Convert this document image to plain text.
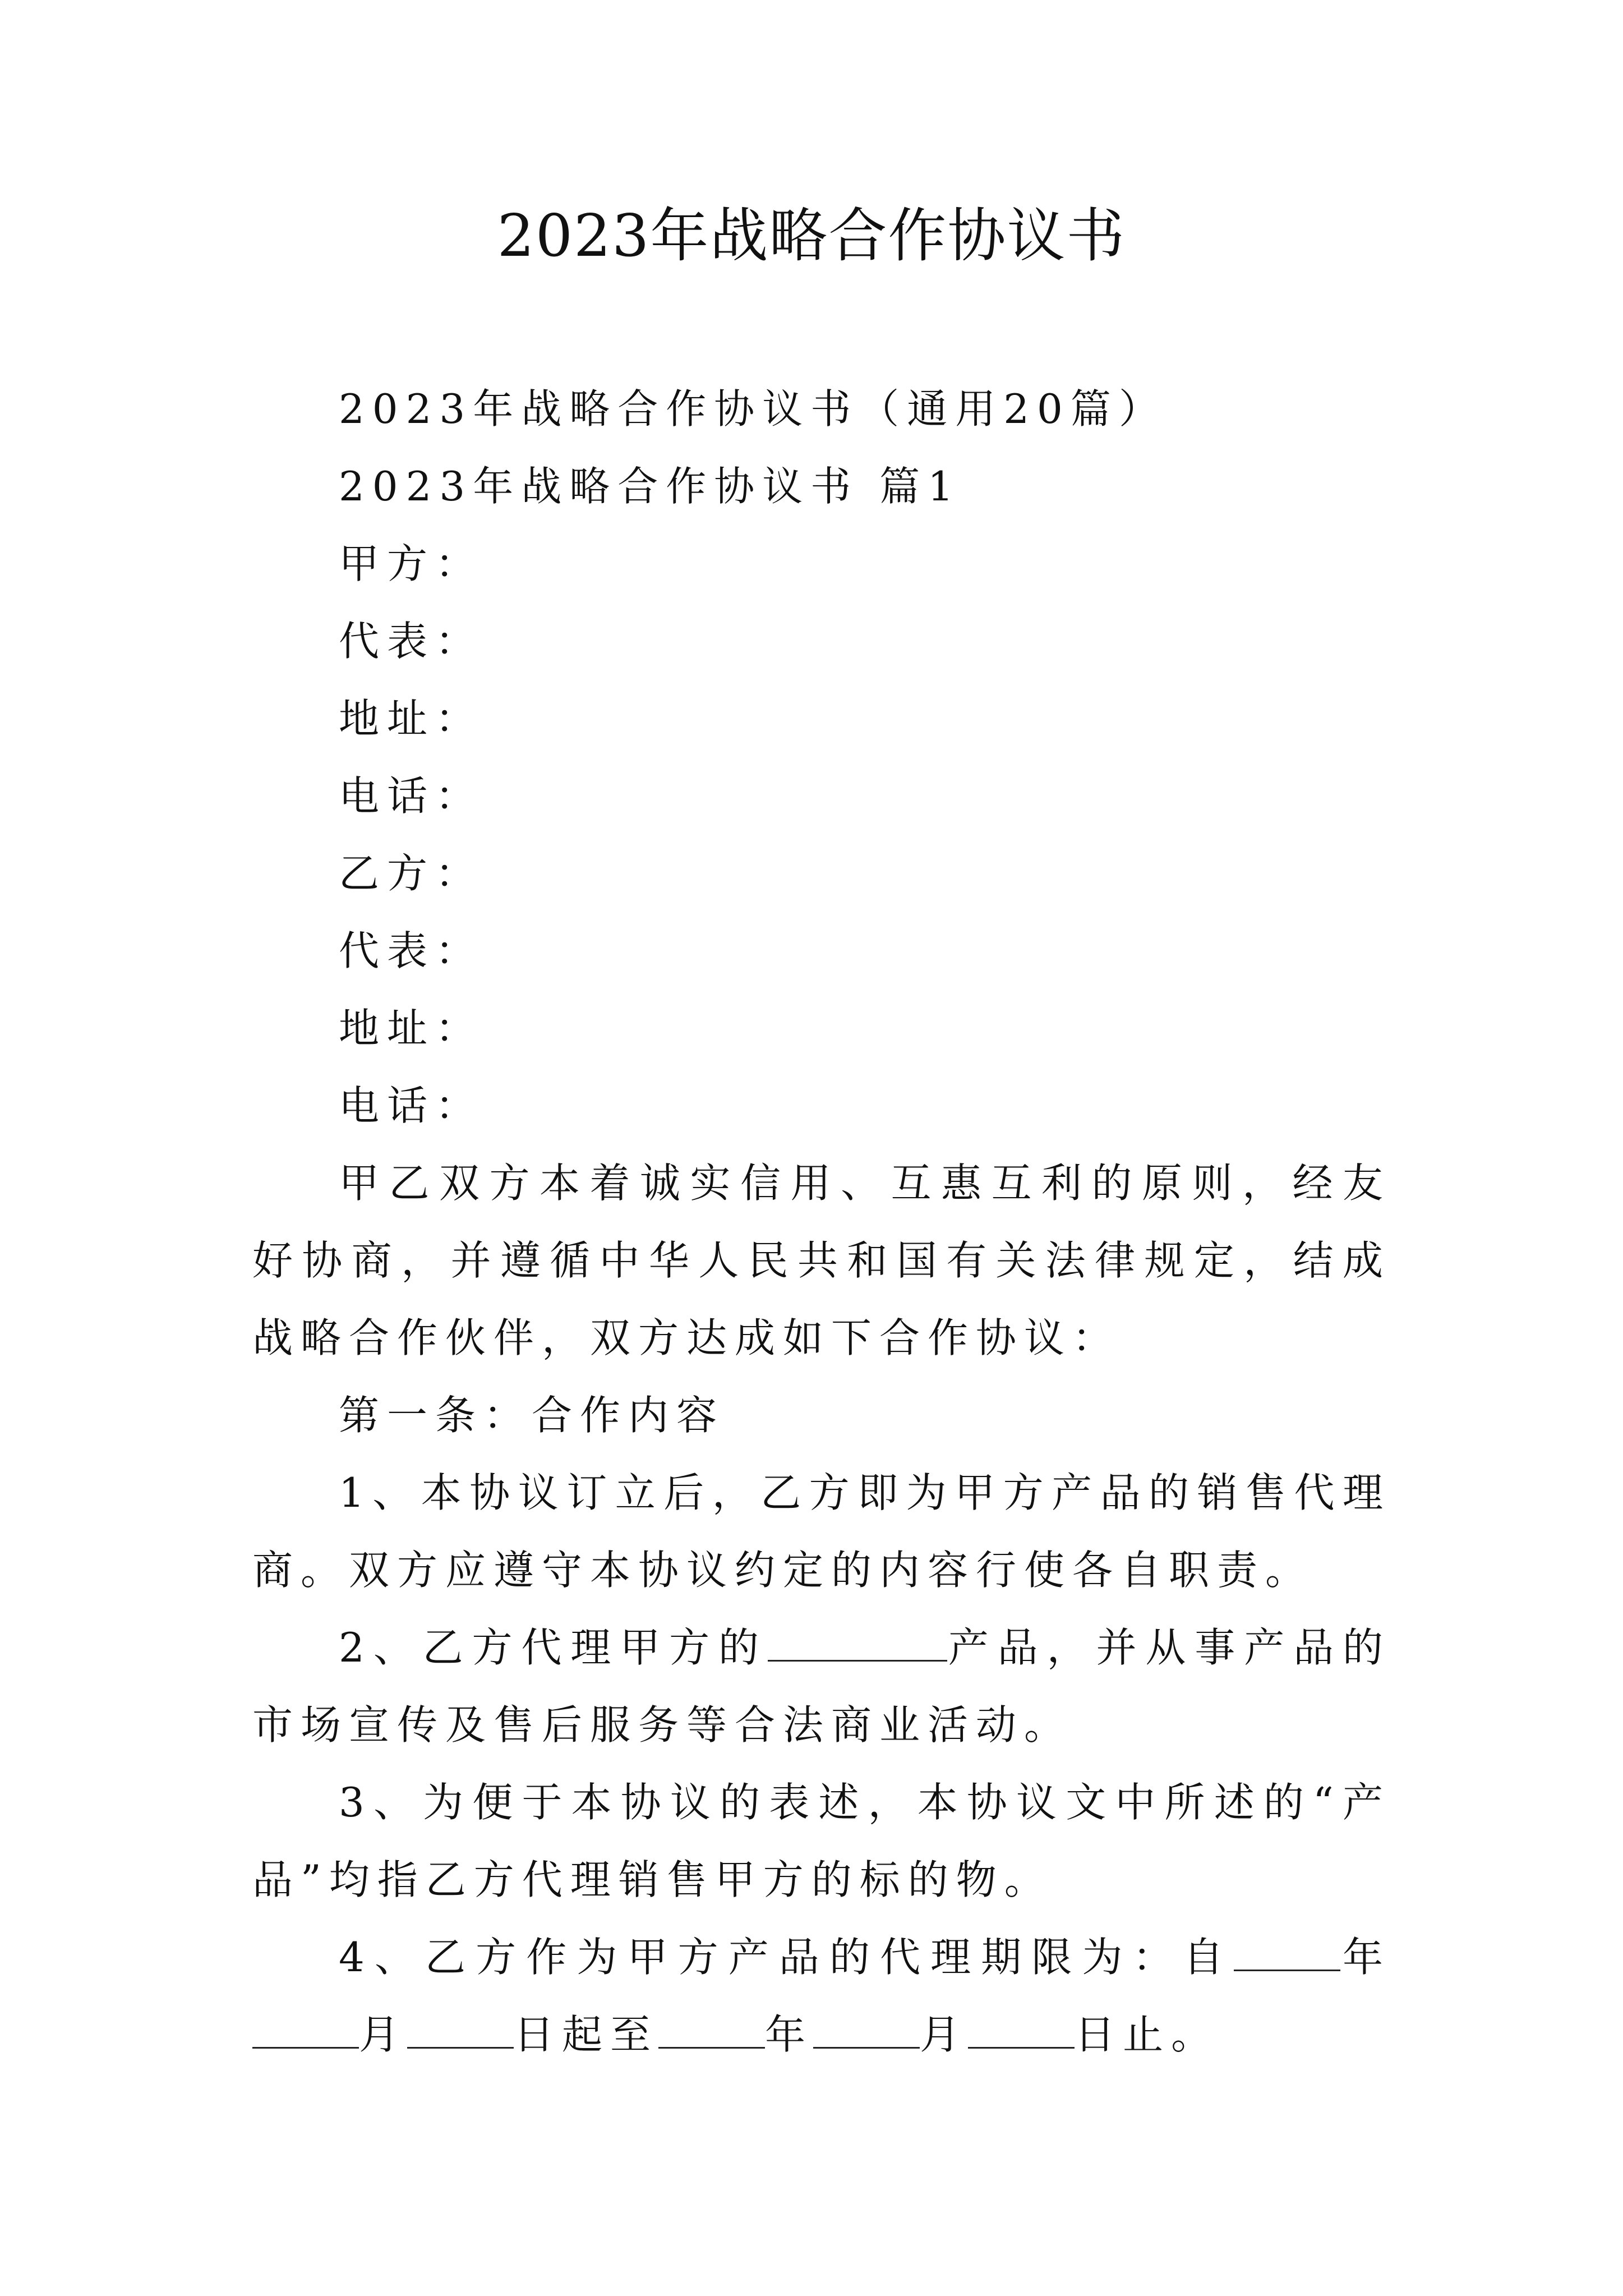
2023年战略合作协议书

2023年战略合作协议书（通用20篇）

2023年战略合作协议书 篇1

甲方：

代表：

地址：

电话：

乙方：

代表：

地址：

电话：

甲乙双方本着诚实信用、互惠互利的原则，经友好协商，并遵循中华人民共和国有关法律规定，结成战略合作伙伴，双方达成如下合作协议：

第一条：合作内容

1、本协议订立后，乙方即为甲方产品的销售代理商。双方应遵守本协议约定的内容行使各自职责。

2、乙方代理甲方的	产品，并从事产品的市场宣传及售后服务等合法商业活动。

3、为便于本协议的表述，本协议文中所述的“产品”均指乙方代理销售甲方的标的物。

4、乙方作为甲方产品的代理期限为：自	年月	日起至	年	月	日止。
